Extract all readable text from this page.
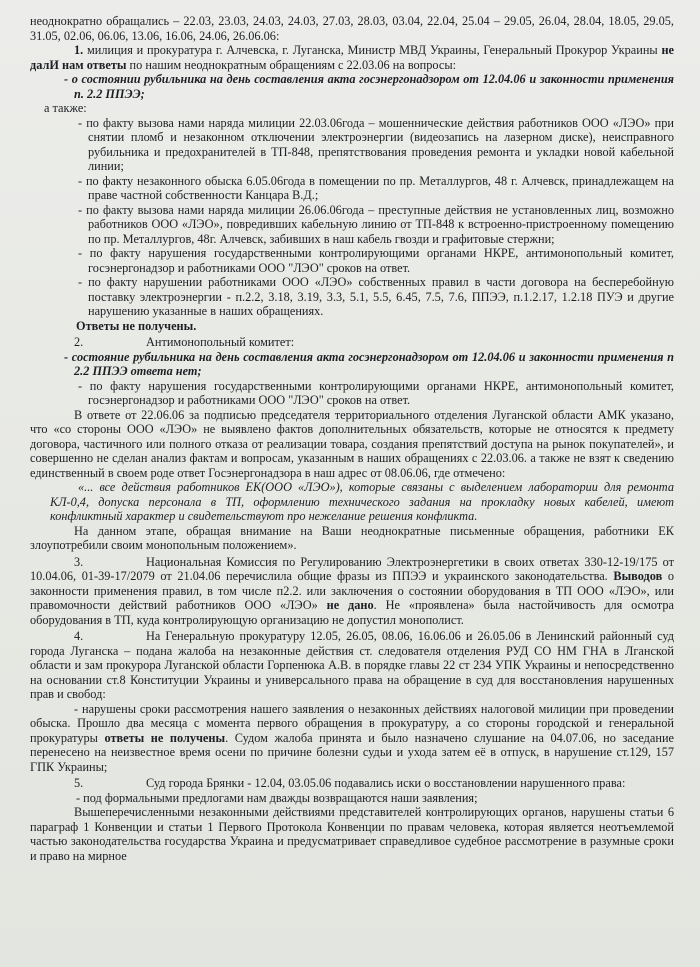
неоднократно обращались – 22.03, 23.03, 24.03, 24.03, 27.03, 28.03, 03.04, 22.04, 25.04 – 29.05, 26.04, 28.04, 18.05, 29.05, 31.05, 02.06, 06.06, 13.06, 16.06, 24.06, 26.06.06:

1. милиция и прокуратура г. Алчевска, г. Луганска, Министр МВД Украины, Генеральный Прокурор Украины не далИ нам ответы по нашим неоднократным обращениям с 22.03.06 на вопросы:

- о состоянии рубильника на день составления акта госэнергонадзором от 12.04.06 и законности применения п. 2.2 ППЭЭ;

а также:

- по факту вызова нами наряда милиции 22.03.06года – мошеннические действия работников ООО «ЛЭО» при снятии пломб и незаконном отключении электроэнергии (видеозапись на лазерном диске), неисправного рубильника и предохранителей в ТП-848, препятствования проведения ремонта и укладки новой кабельной линии;

- по факту незаконного обыска 6.05.06года в помещении по пр. Металлургов, 48 г. Алчевск, принадлежащем на праве частной собственности Канцара В.Д.;

- по факту вызова нами наряда милиции 26.06.06года – преступные действия не установленных лиц, возможно работников ООО «ЛЭО», повредивших кабельную линию от ТП-848 к встроенно-пристроенному помещению по пр. Металлургов, 48г. Алчевск, забивших в наш кабель гвозди и графитовые стержни;

- по факту нарушения государственными контролирующими органами НКРЕ, антимонопольный комитет, госэнергонадзор и работниками ООО "ЛЭО" сроков на ответ.

- по факту нарушении работниками ООО «ЛЭО» собственных правил в части договора на бесперебойную поставку электроэнергии - п.2.2, 3.18, 3.19, 3.3, 5.1, 5.5, 6.45, 7.5, 7.6, ППЭЭ, п.1.2.17, 1.2.18 ПУЭ и другие нарушению указанные в наших обращениях.

Ответы не получены.

2.	Антимонопольный комитет:

- состояние рубильника на день составления акта госэнергонадзором от 12.04.06 и законности применения п 2.2 ППЭЭ ответа нет;

- по факту нарушения государственными контролирующими органами НКРЕ, антимонопольный комитет, госэнергонадзор и работниками ООО "ЛЭО" сроков на ответ.

В ответе от 22.06.06 за подписью председателя территориального отделения Луганской области АМК указано, что «со стороны ООО «ЛЭО» не выявлено фактов дополнительных обязательств, которые не относятся к предмету договора, частичного или полного отказа от реализации товара, создания препятствий доступа на рынок покупателей», и совершенно не сделан анализ фактам и вопросам, указанным в наших обращениях с 22.03.06. а также не взят к сведению единственный в своем роде ответ Госэнергонадзора в наш адрес от 08.06.06, где отмечено:

«... все действия работников ЕК(ООО «ЛЭО»), которые связаны с выделением лаборатории для ремонта КЛ-0,4, допуска персонала в ТП, оформлению технического задания на прокладку новых кабелей, имеют конфликтный характер и свидетельствуют про нежелание решения конфликта.

На данном этапе, обращая внимание на Ваши неоднократные письменные обращения, работники ЕК злоупотребили своим монопольным положением».

3.	Национальная Комиссия по Регулированию Электроэнергетики в своих ответах 330-12-19/175 от 10.04.06, 01-39-17/2079 от 21.04.06 перечислила общие фразы из ППЭЭ и украинского законодательства. Выводов о законности применения правил, в том числе п2.2. или заключения о состоянии оборудования в ТП ООО «ЛЭО», или правомочности действий работников ООО «ЛЭО» не дано. Не «проявлена» была настойчивость для осмотра оборудования в ТП, куда контролирующую организацию не допустил монополист.

4.	На Генеральную прокуратуру 12.05, 26.05, 08.06, 16.06.06 и 26.05.06 в Ленинский районный суд города Луганска – подана жалоба на незаконные действия ст. следователя отделения РУД СО НМ ГНА в Лганской области и зам прокурора Луганской области Горпенюка А.В. в порядке главы 22 ст 234 УПК Украины и непосредственно на основании ст.8 Конституции Украины и универсального права на обращение в суд для восстановления нарушенных прав и свобод:

- нарушены сроки рассмотрения нашего заявления о незаконных действиях налоговой милиции при проведении обыска. Прошло два месяца с момента первого обращения в прокуратуру, а со стороны городской и генеральной прокуратуры ответы не получены. Судом жалоба принята и было назначено слушание на 04.07.06, но заседание перенесено на неизвестное время осени по причине болезни судьи и ухода затем её в отпуск, в нарушение ст.129, 157 ГПК Украины;

5.	Суд города Брянки - 12.04, 03.05.06 подавались иски о восстановлении нарушенного права:

- под формальными предлогами нам дважды возвращаются наши заявления;

Вышеперечисленными незаконными действиями представителей контролирующих органов, нарушены статьи 6 параграф 1 Конвенции и статьи 1 Первого Протокола Конвенции по правам человека, которая является неотъемлемой частью законодательства государства Украина и предусматривает справедливое судебное рассмотрение в разумные сроки и право на мирное
